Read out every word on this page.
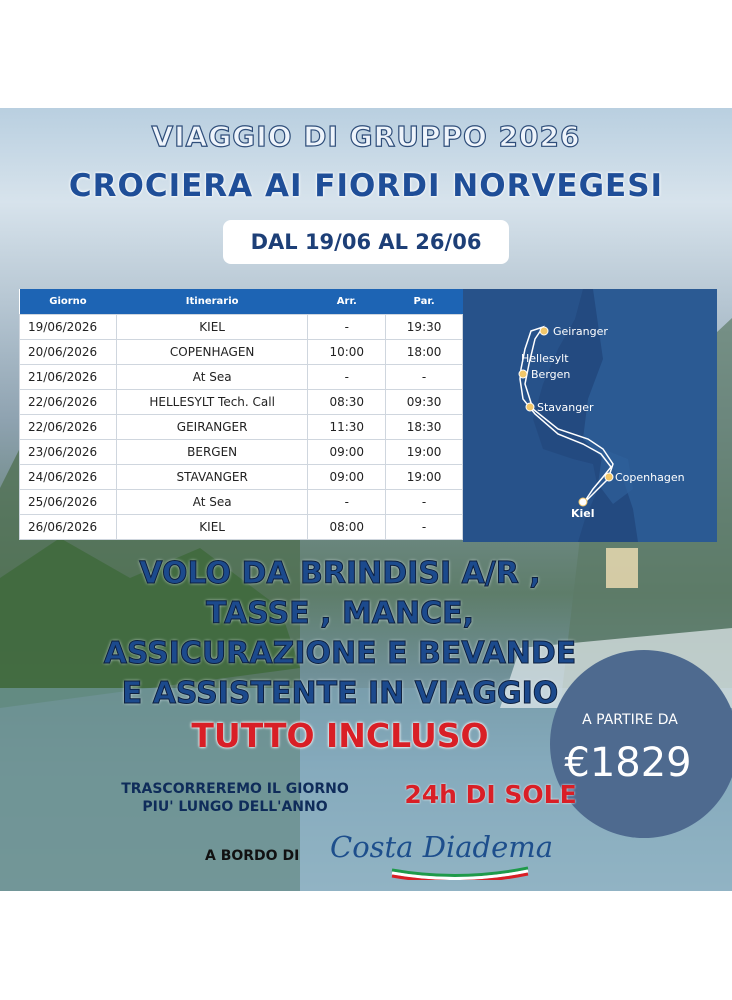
VIAGGIO DI GRUPPO 2026
CROCIERA AI FIORDI NORVEGESI
DAL 19/06 AL 26/06
Giorno	Itinerario	Arr.	Par.
19/06/2026	KIEL	-	19:30
20/06/2026	COPENHAGEN	10:00	18:00
21/06/2026	At Sea	-	-
22/06/2026	HELLESYLT Tech. Call	08:30	09:30
22/06/2026	GEIRANGER	11:30	18:30
23/06/2026	BERGEN	09:00	19:00
24/06/2026	STAVANGER	09:00	19:00
25/06/2026	At Sea	-	-
26/06/2026	KIEL	08:00	-
Geiranger
Hellesylt
Bergen
Stavanger
Copenhagen
Kiel
VOLO DA BRINDISI A/R ,
TASSE , MANCE,
ASSICURAZIONE E BEVANDE
E ASSISTENTE IN VIAGGIO
TUTTO INCLUSO	A PARTIRE DA
€1829
TRASCORREREMO IL GIORNO
PIU' LUNGO DELL'ANNO	24h DI SOLE
A BORDO DI Costa Diadema
